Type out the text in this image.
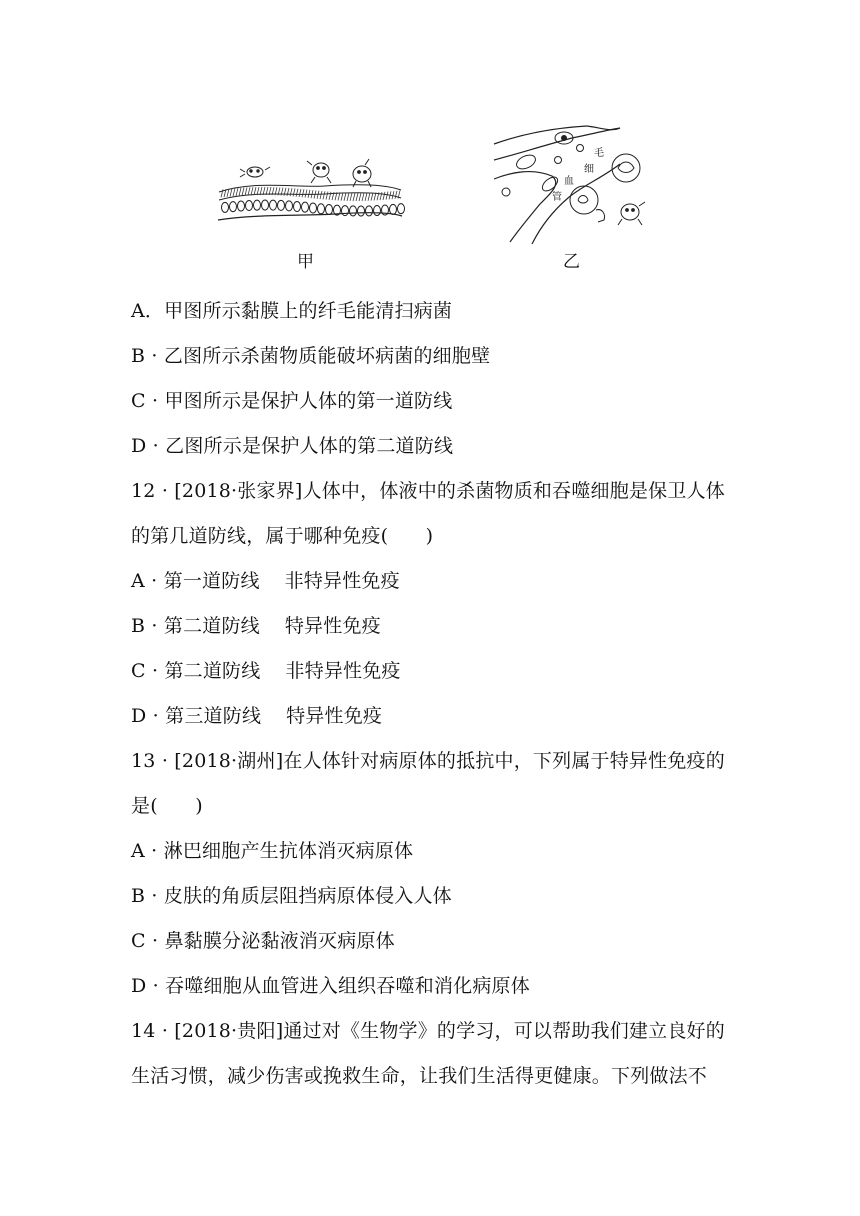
甲
毛
细
血
管
乙
A．甲图所示黏膜上的纤毛能清扫病菌
B · 乙图所示杀菌物质能破坏病菌的细胞壁
C · 甲图所示是保护人体的第一道防线
D · 乙图所示是保护人体的第二道防线
12 · [2018·张家界]人体中，体液中的杀菌物质和吞噬细胞是保卫人体
的第几道防线，属于哪种免疫(      )
A · 第一道防线    非特异性免疫
B · 第二道防线    特异性免疫
C · 第二道防线    非特异性免疫
D · 第三道防线    特异性免疫
13 · [2018·湖州]在人体针对病原体的抵抗中，下列属于特异性免疫的
是(      )
A · 淋巴细胞产生抗体消灭病原体
B · 皮肤的角质层阻挡病原体侵入人体
C · 鼻黏膜分泌黏液消灭病原体
D · 吞噬细胞从血管进入组织吞噬和消化病原体
14 · [2018·贵阳]通过对《生物学》的学习，可以帮助我们建立良好的
生活习惯，减少伤害或挽救生命，让我们生活得更健康。下列做法不
